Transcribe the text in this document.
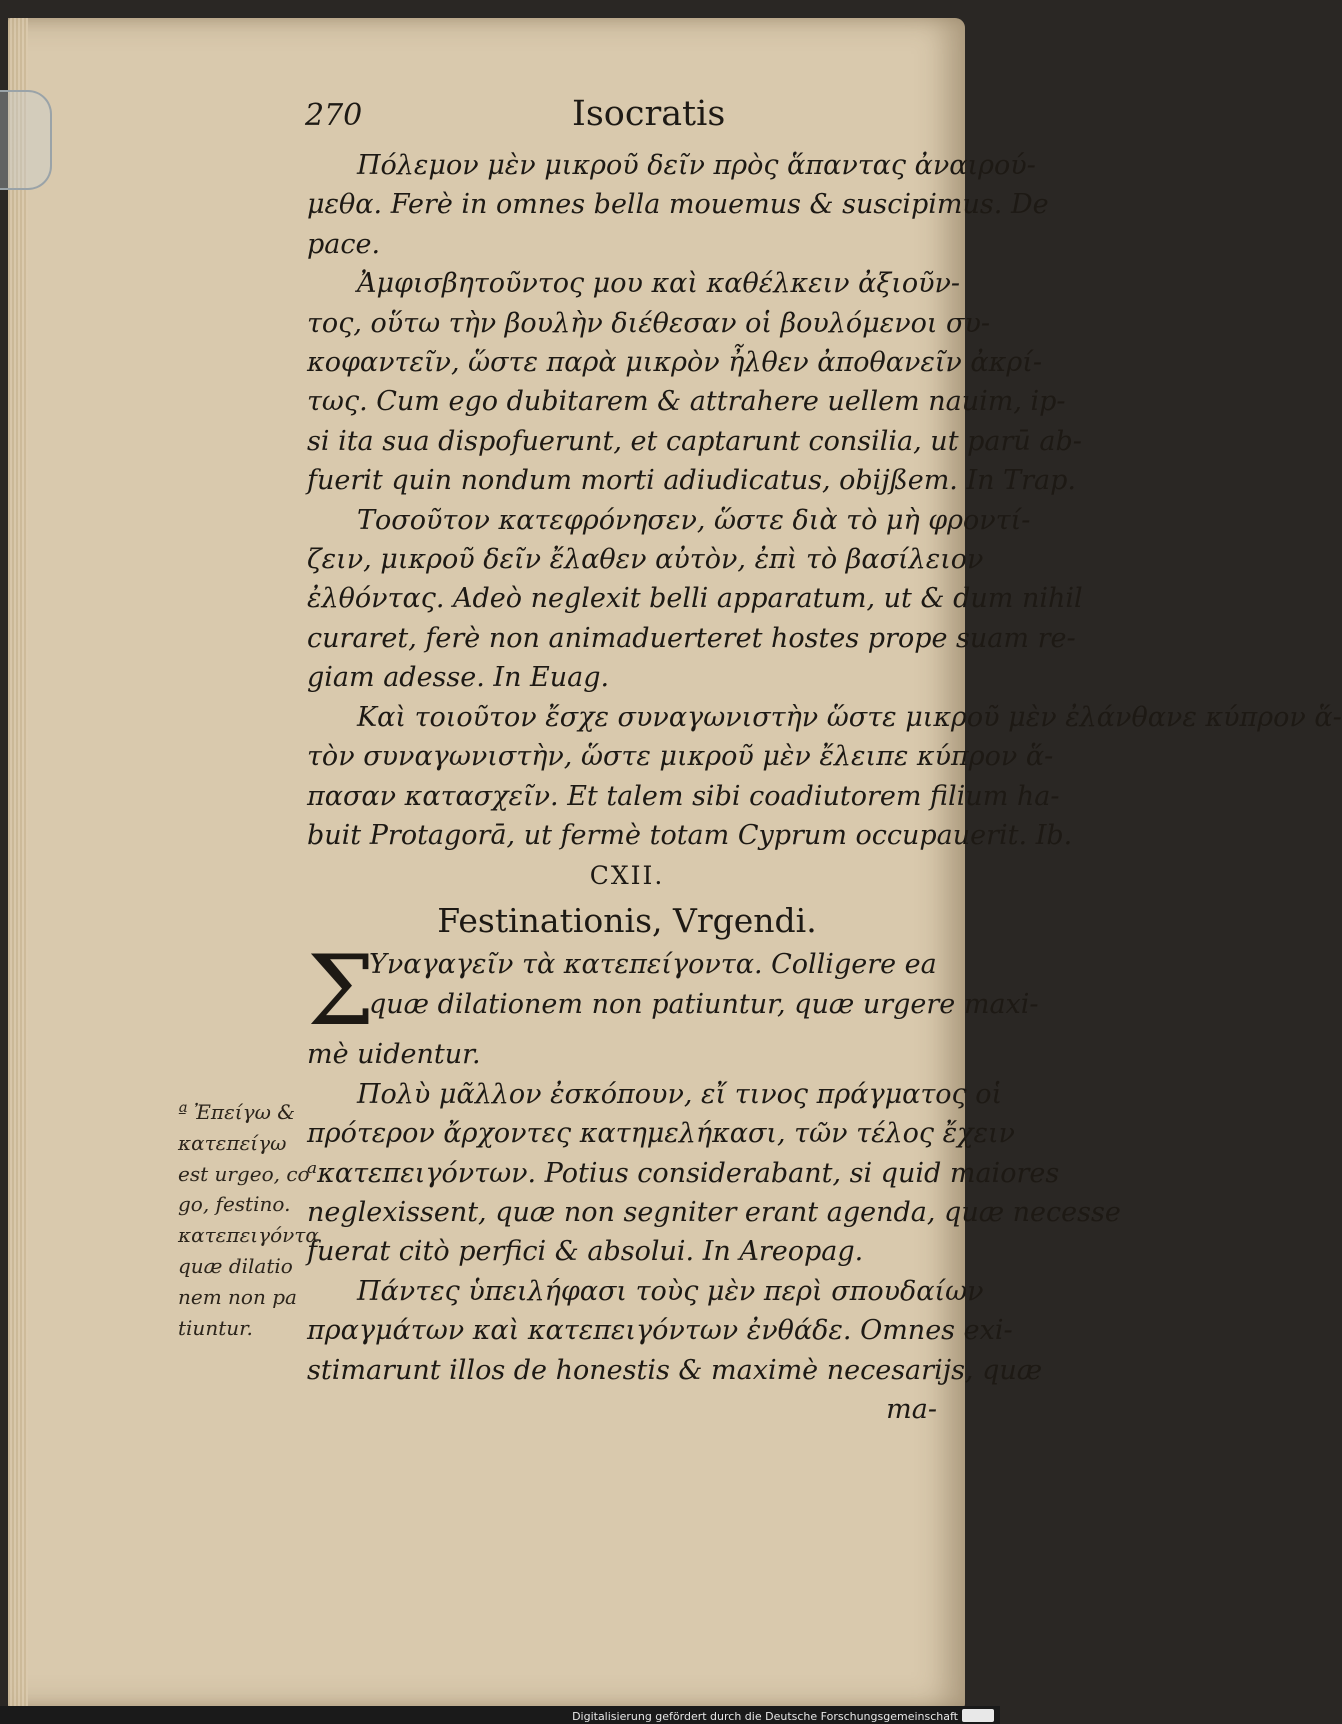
270	Isocratis
Πόλεμον μὲν μικροῦ δεῖν πρὸς ἅπαντας ἀναιρού-
μεθα. Ferè in omnes bella mouemus & suscipimus. De
pace.
Ἀμφισβητοῦντος μου καὶ καθέλκειν ἀξιοῦν-
τος, οὕτω τὴν βουλὴν διέθεσαν οἱ βουλόμενοι συ-
κοφαντεῖν, ὥστε παρὰ μικρὸν ἦλθεν ἀποθανεῖν ἀκρί-
τως. Cum ego dubitarem & attrahere uellem nauim, ip-
si ita sua dispofuerunt, et captarunt consilia, ut parū ab-
fuerit quin nondum morti adiudicatus, obijßem. In Trap.
Τοσοῦτον κατεφρόνησεν, ὥστε διὰ τὸ μὴ φροντί-
ζειν, μικροῦ δεῖν ἔλαθεν αὐτὸν, ἐπὶ τὸ βασίλειον
ἐλθόντας. Adeò neglexit belli apparatum, ut & dum nihil
curaret, ferè non animaduerteret hostes prope suam re-
giam adesse. In Euag.
Καὶ τοιοῦτον ἔσχε συναγωνιστὴν ὥστε μικροῦ μὲν ἐλάνθανε κύπρον ἅ-
τὸν συναγωνιστὴν, ὥστε μικροῦ μὲν ἔλειπε κύπρον ἅ-
πασαν κατασχεῖν. Et talem sibi coadiutorem filium ha-
buit Protagorā, ut fermè totam Cyprum occupauerit. Ib.
CXII.
Festinationis, Vrgendi.
Σ
Υναγαγεῖν τὰ κατεπείγοντα. Colligere ea
quæ dilationem non patiuntur, quæ urgere maxi-
mè uidentur.
Πολὺ μᾶλλον ἐσκόπουν, εἴ τινος πράγματος οἱ
πρότερον ἄρχοντες κατημελήκασι, τῶν τέλος ἔχειν
ᵃκατεπειγόντων. Potius considerabant, si quid maiores
neglexissent, quæ non segniter erant agenda, quæ necesse
fuerat citò perfici & absolui. In Areopag.
Πάντες ὑπειλήφασι τοὺς μὲν περὶ σπουδαίων
πραγμάτων καὶ κατεπειγόντων ἐνθάδε. Omnes exi-
stimarunt illos de honestis & maximè necesarijs, quæ
ma-
ª Ἐπείγω &
κατεπείγω
est urgeo, co
go, festino.
κατεπειγόντα
quæ dilatio
nem non pa
tiuntur.
Digitalisierung gefördert durch die Deutsche Forschungsgemeinschaft
